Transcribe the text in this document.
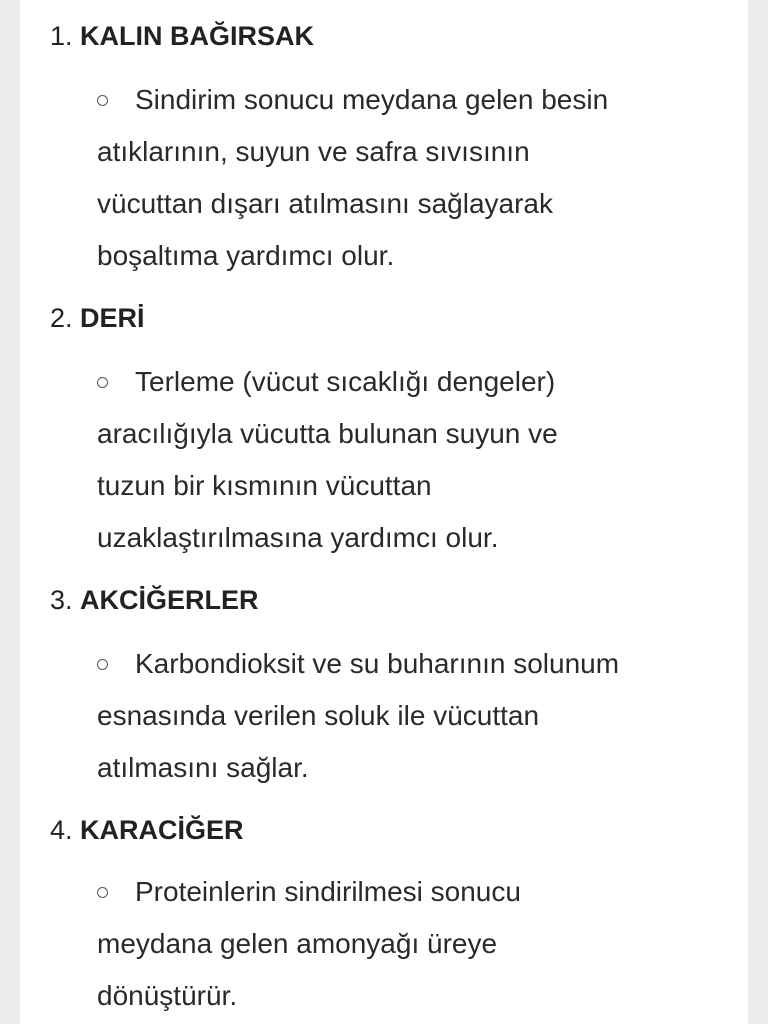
1. KALIN BAĞIRSAK
Sindirim sonucu meydana gelen besin
atıklarının, suyun ve safra sıvısının
vücuttan dışarı atılmasını sağlayarak
boşaltıma yardımcı olur.
2. DERİ
Terleme (vücut sıcaklığı dengeler)
aracılığıyla vücutta bulunan suyun ve
tuzun bir kısmının vücuttan
uzaklaştırılmasına yardımcı olur.
3. AKCİĞERLER
Karbondioksit ve su buharının solunum
esnasında verilen soluk ile vücuttan
atılmasını sağlar.
4. KARACİĞER
Proteinlerin sindirilmesi sonucu
meydana gelen amonyağı üreye
dönüştürür.
